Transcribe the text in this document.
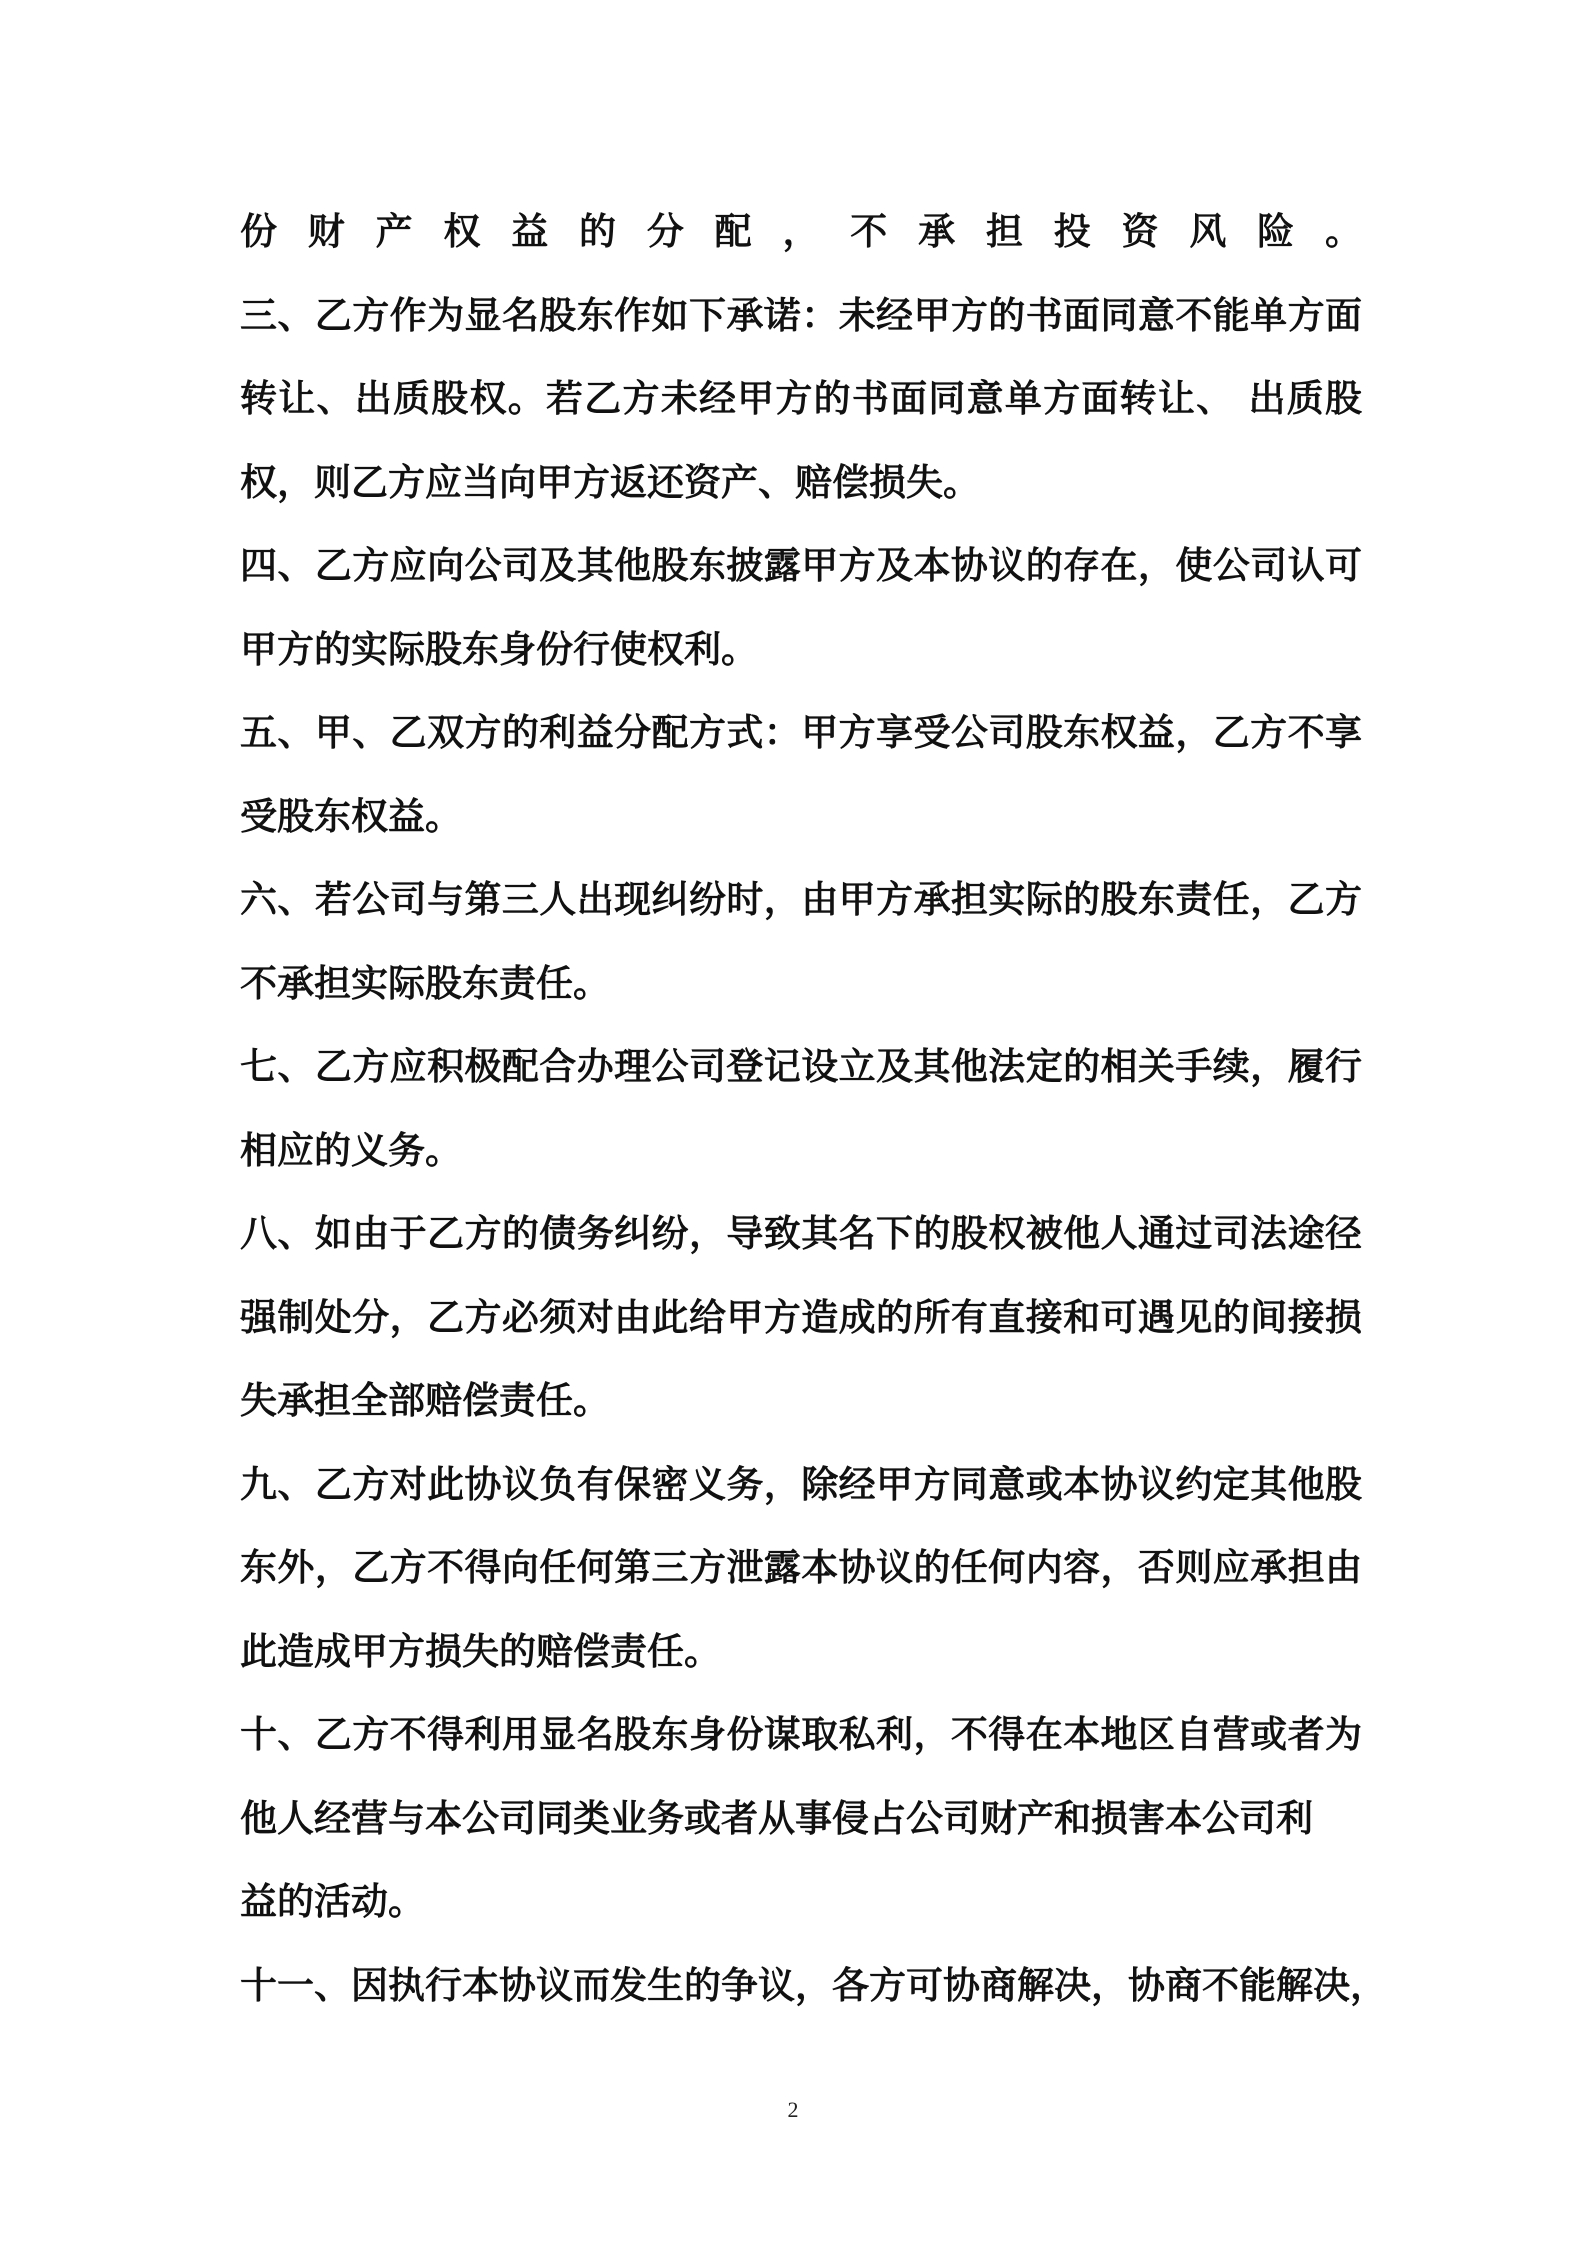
份财产权益的分配，不承担投资风险。
三、乙方作为显名股东作如下承诺：未经甲方的书面同意不能单方面
转让、出质股权。若乙方未经甲方的书面同意单方面转让、 出质股
权，则乙方应当向甲方返还资产、赔偿损失。
四、乙方应向公司及其他股东披露甲方及本协议的存在，使公司认可
甲方的实际股东身份行使权利。
五、甲、乙双方的利益分配方式：甲方享受公司股东权益，乙方不享
受股东权益。
六、若公司与第三人出现纠纷时，由甲方承担实际的股东责任，乙方
不承担实际股东责任。
七、乙方应积极配合办理公司登记设立及其他法定的相关手续，履行
相应的义务。
八、如由于乙方的债务纠纷，导致其名下的股权被他人通过司法途径
强制处分，乙方必须对由此给甲方造成的所有直接和可遇见的间接损
失承担全部赔偿责任。
九、乙方对此协议负有保密义务，除经甲方同意或本协议约定其他股
东外，乙方不得向任何第三方泄露本协议的任何内容，否则应承担由
此造成甲方损失的赔偿责任。
十、乙方不得利用显名股东身份谋取私利，不得在本地区自营或者为
他人经营与本公司同类业务或者从事侵占公司财产和损害本公司利
益的活动。
十一、因执行本协议而发生的争议，各方可协商解决，协商不能解决，
2
